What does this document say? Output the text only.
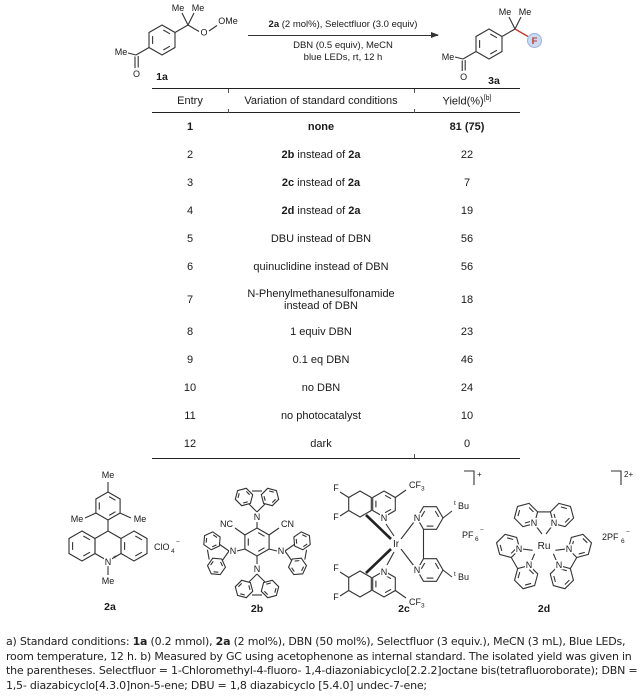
Me
O
Me Me
O
OMe
1a
2a (2 mol%), Selectfluor (3.0 equiv)
DBN (0.5 equiv), MeCN
blue LEDs, rt, 12 h	Me
O
Me Me
F
3a
Entry	Variation of standard conditions	Yield(%)[b]
1	none	81 (75)
2	2b instead of 2a	22
3	2c instead of 2a	7
4	2d instead of 2a	19
5	DBU instead of DBN	56
6	quinuclidine instead of DBN	56
7	N-Phenylmethanesulfonamide
instead of DBN	18
8	1 equiv DBN	23
9	0.1 eq DBN	46
10	no DBN	24
11	no photocatalyst	10
12	dark	0
Me
Me	Me
N +
Me
ClO 4
−
2a
NC	CN
N
N	N
N
2b
Ir
N
N
N
N
CF 3
CF 3
F
F
F
F
t Bu
t Bu
+
PF 6
−
2c
Ru
N N
N
N
N
N
2+
2PF 6
−
2d
a) Standard conditions: 1a (0.2 mmol), 2a (2 mol%), DBN (50 mol%), Selectfluor (3 equiv.), MeCN (3 mL), Blue LEDs, room temperature, 12 h. b) Measured by GC using acetophenone as internal standard. The isolated yield was given in the parentheses. Selectfluor = 1-Chloromethyl-4-fluoro- 1,4-diazoniabicyclo[2.2.2]octane bis(tetrafluoroborate); DBN = 1,5- diazabicyclo[4.3.0]non-5-ene; DBU = 1,8 diazabicyclo [5.4.0] undec-7-ene;
